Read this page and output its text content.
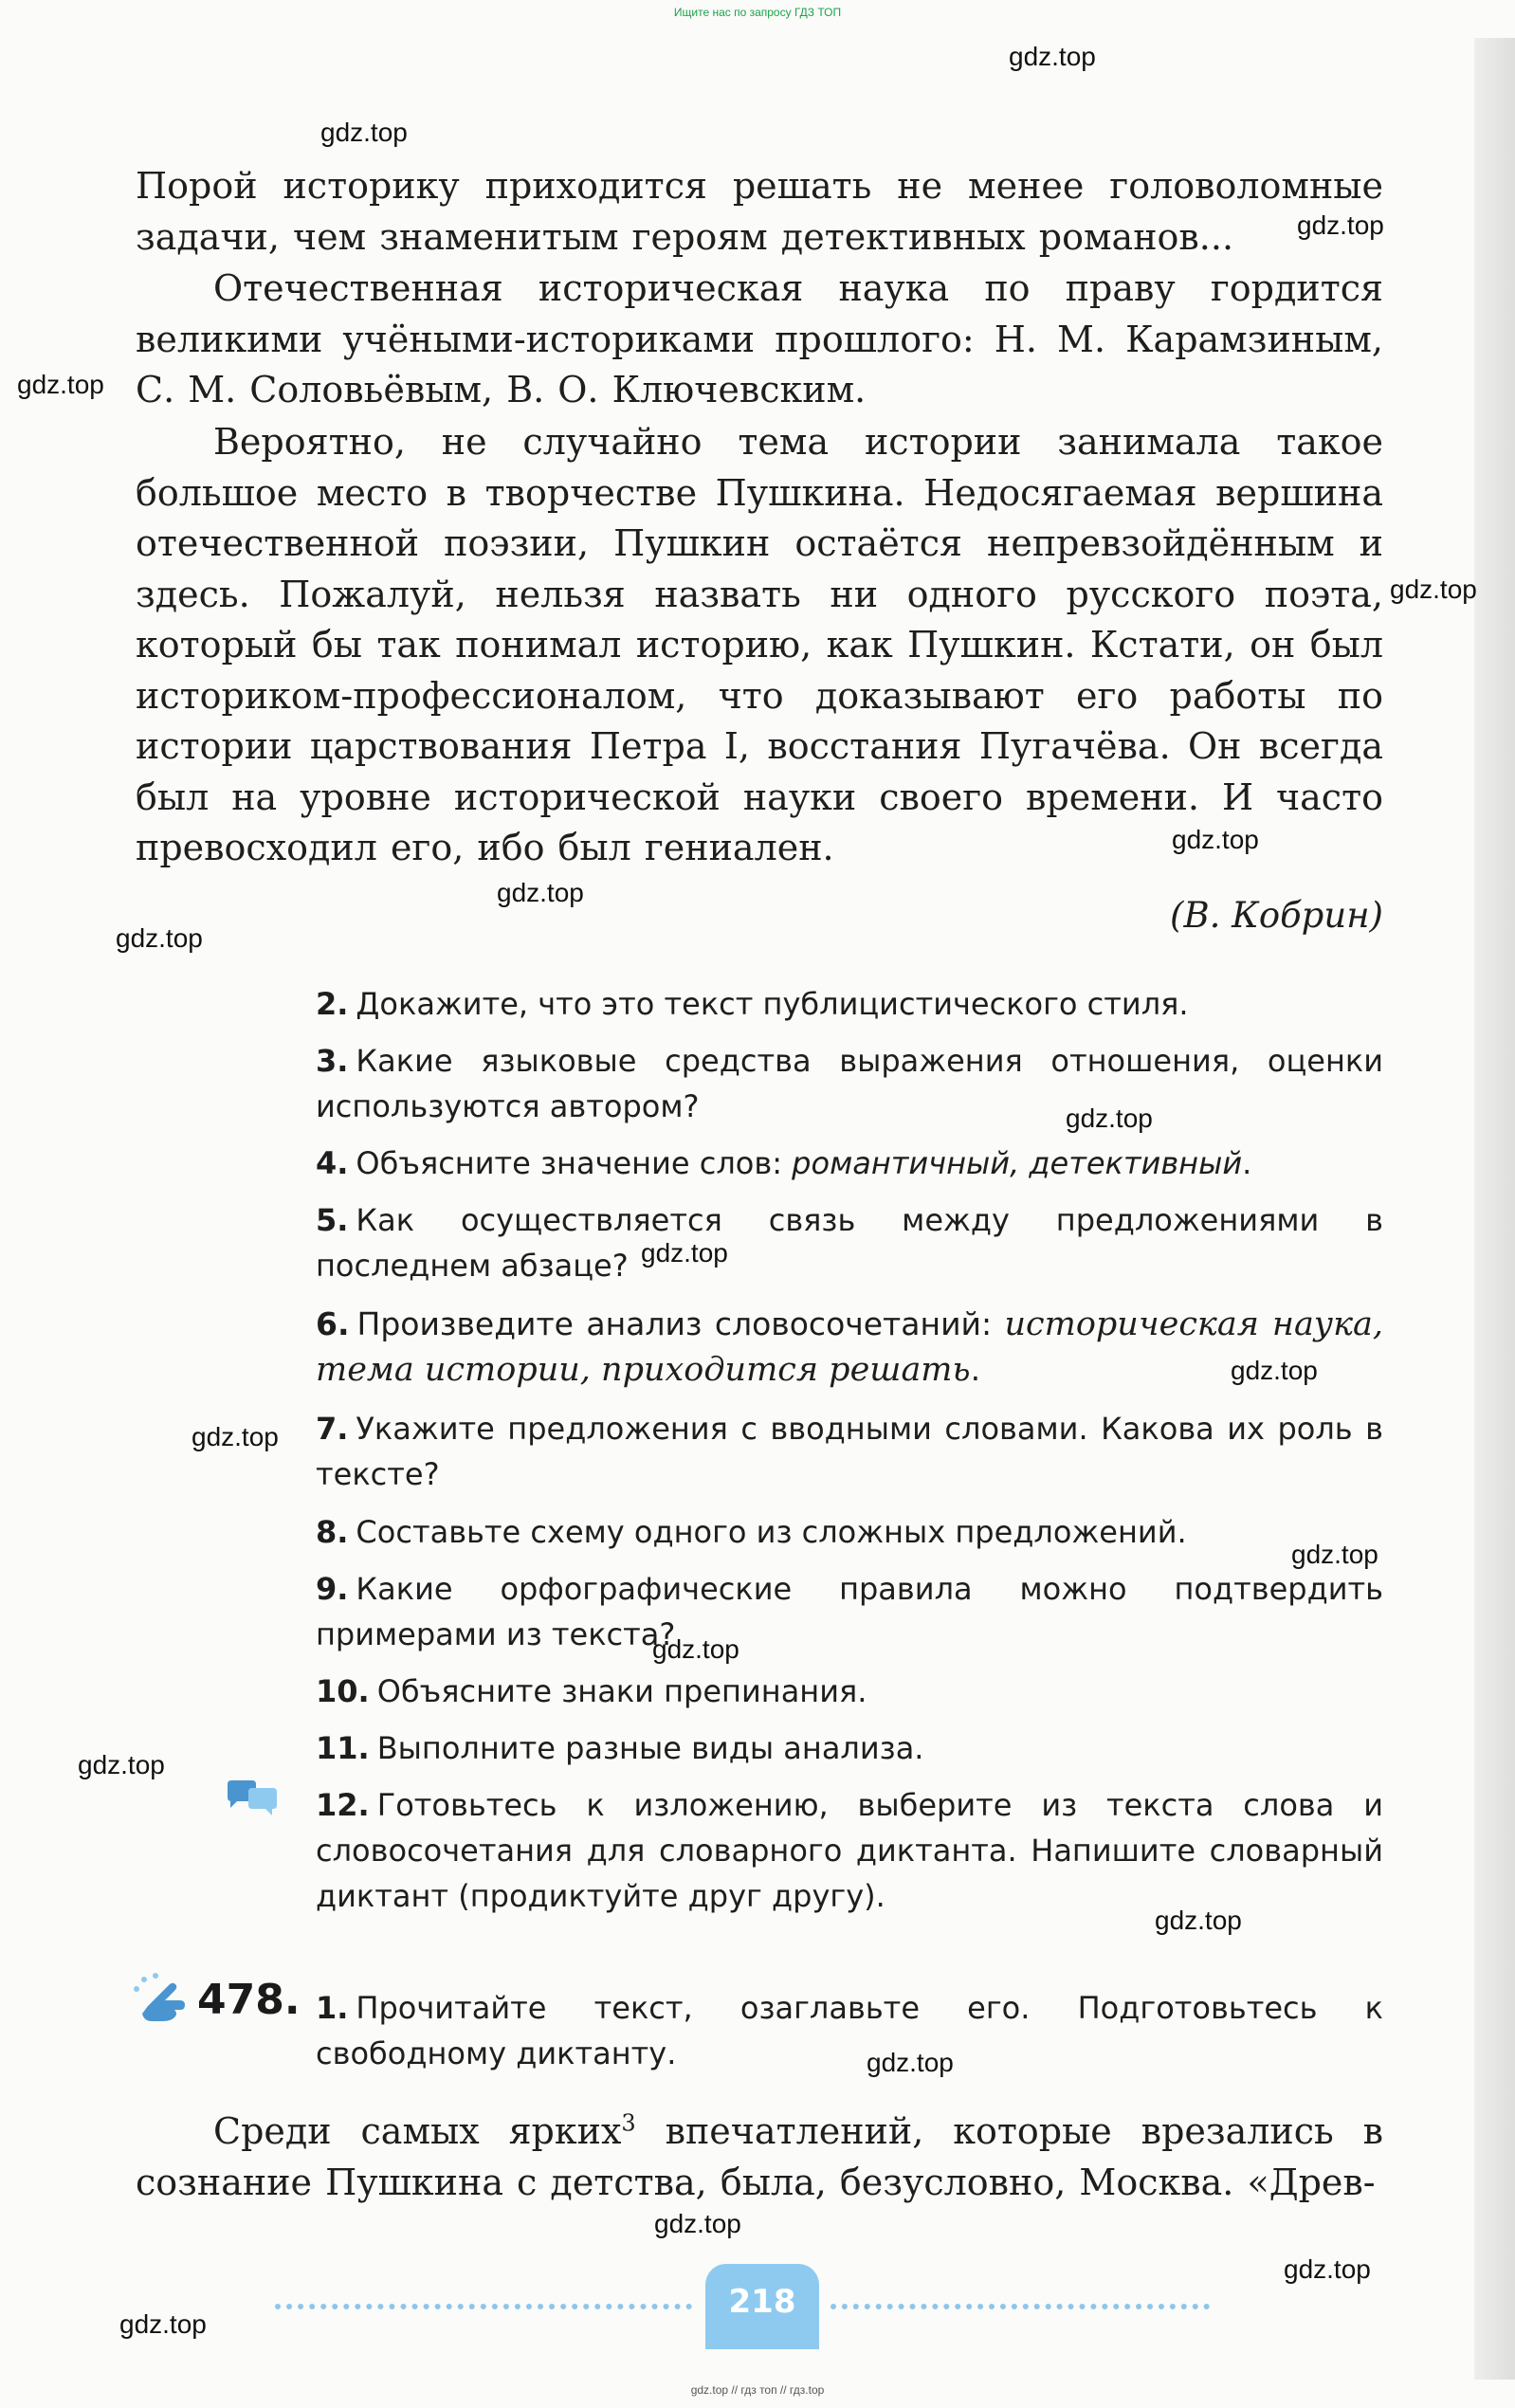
Ищите нас по запросу ГДЗ ТОП
Порой историку приходится решать не менее головоломные задачи, чем знаменитым героям детективных романов...
Отечественная историческая наука по праву гордится великими учёными-историками прошлого: Н. М. Карамзиным, С. М. Соловьёвым, В. О. Ключевским.
Вероятно, не случайно тема истории занимала такое большое место в творчестве Пушкина. Недосягаемая вершина отечественной поэзии, Пушкин остаётся непревзойдённым и здесь. Пожалуй, нельзя назвать ни одного русского поэта, который бы так понимал историю, как Пушкин. Кстати, он был историком-профессионалом, что доказывают его работы по истории царствования Петра I, восстания Пугачёва. Он всегда был на уровне исторической науки своего времени. И часто превосходил его, ибо был гениален.
(В. Кобрин)
2. Докажите, что это текст публицистического стиля.
3. Какие языковые средства выражения отношения, оценки используются автором?
4. Объясните значение слов: романтичный, детективный.
5. Как осуществляется связь между предложениями в последнем абзаце?
6. Произведите анализ словосочетаний: историческая наука, тема истории, приходится решать.
7. Укажите предложения с вводными словами. Какова их роль в тексте?
8. Составьте схему одного из сложных предложений.
9. Какие орфографические правила можно подтвердить примерами из текста?
10. Объясните знаки препинания.
11. Выполните разные виды анализа.
12. Готовьтесь к изложению, выберите из текста слова и словосочетания для словарного диктанта. Напишите словарный диктант (продиктуйте друг другу).
478. 1. Прочитайте текст, озаглавьте его. Подготовьтесь к свободному диктанту.
Среди самых ярких$^3$ впечатлений, которые врезались в сознание Пушкина с детства, была, безусловно, Москва. «Древ-
218
gdz.top
gdz.top
gdz.top
gdz.top
gdz.top
gdz.top
gdz.top
gdz.top
gdz.top
gdz.top
gdz.top
gdz.top
gdz.top
gdz.top
gdz.top
gdz.top
gdz.top
gdz.top
gdz.top
gdz.top
gdz.top // гдз топ // гдз.top
